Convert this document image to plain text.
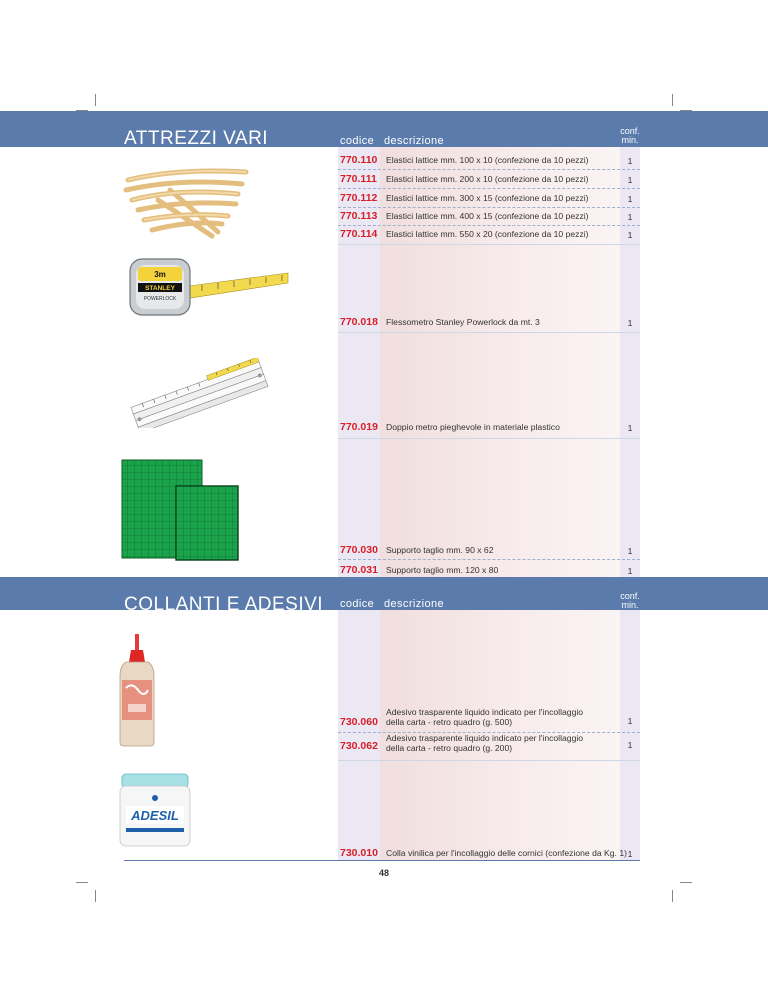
ATTREZZI VARI	codice descrizione
conf.
min.
770.110 Elastici lattice mm. 100 x 10 (confezione da 10 pezzi)	1
770.111 Elastici lattice mm. 200 x 10 (confezione da 10 pezzi)	1
770.112 Elastici lattice mm. 300 x 15 (confezione da 10 pezzi)	1
770.113 Elastici lattice mm. 400 x 15 (confezione da 10 pezzi)	1
770.114 Elastici lattice mm. 550 x 20 (confezione da 10 pezzi)	1
770.018 Flessometro Stanley Powerlock da mt. 3	1
770.019 Doppio metro pieghevole in materiale plastico	1
770.030 Supporto taglio mm. 90 x 62	1
770.031 Supporto taglio mm. 120 x 80	1
3m
STANLEY
POWERLOCK
COLLANTI E ADESIVI codice descrizione
conf.
min.
730.060
Adesivo trasparente liquido indicato per l'incollaggio
della carta - retro quadro (g. 500)	1
730.062
Adesivo trasparente liquido indicato per l'incollaggio
della carta - retro quadro (g. 200)	1
730.010 Colla vinilica per l'incollaggio delle cornici (confezione da Kg. 1) 1
ADESIL
48
